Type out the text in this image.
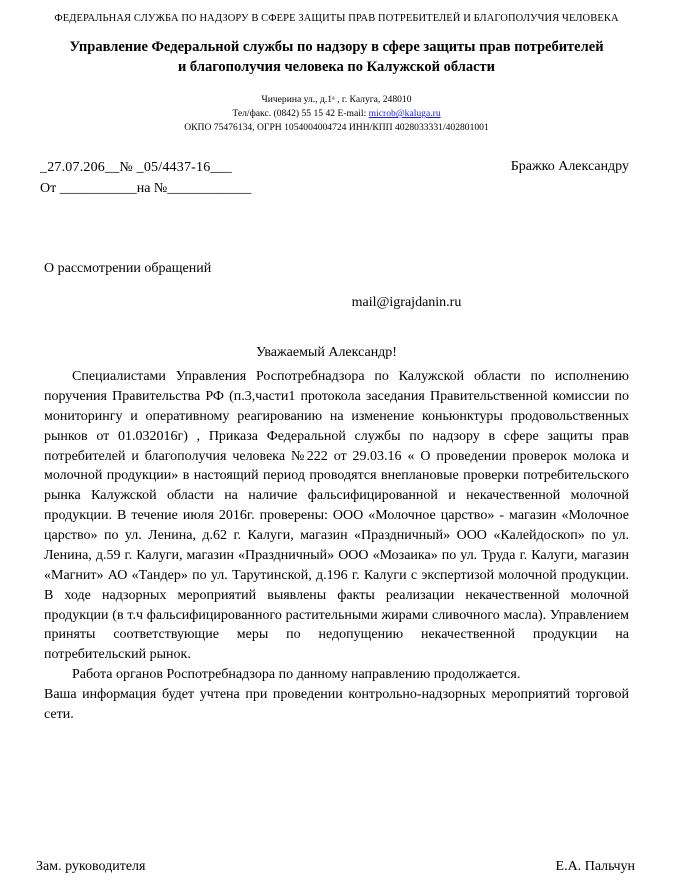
ФЕДЕРАЛЬНАЯ СЛУЖБА ПО НАДЗОРУ В СФЕРЕ ЗАЩИТЫ ПРАВ ПОТРЕБИТЕЛЕЙ И БЛАГОПОЛУЧИЯ ЧЕЛОВЕКА
Управление Федеральной службы по надзору в сфере защиты прав потребителей и благополучия человека по Калужской области
Чичерина ул., д.1ᵃ , г. Калуга, 248010
Тел/факс. (0842) 55 15 42 E-mail: microb@kaluga.ru
ОКПО 75476134, ОГРН 1054004004724 ИНН/КПП 4028033331/402801001
_27.07.206__№ _05/4437-16___
От ___________на №____________
Бражко Александру
О рассмотрении обращений
mail@igrajdanin.ru
Уважаемый Александр!

Специалистами Управления Роспотребнадзора по Калужской области по исполнению поручения Правительства РФ (п.3,части1 протокола заседания Правительственной комиссии по мониторингу и оперативному реагированию на изменение коньюнктуры продовольственных рынков от 01.032016г) , Приказа Федеральной службы по надзору в сфере защиты прав потребителей и благополучия человека №222 от 29.03.16 « О проведении проверок молока и молочной продукции» в настоящий период проводятся внеплановые проверки потребительского рынка Калужской области на наличие фальсифицированной и некачественной молочной продукции. В течение июля 2016г. проверены: ООО «Молочное царство» - магазин «Молочное царство» по ул. Ленина, д.62 г. Калуги, магазин «Праздничный» ООО «Калейдоскоп» по ул. Ленина, д.59 г. Калуги, магазин «Праздничный» ООО «Мозаика» по ул. Труда г. Калуги, магазин «Магнит» АО «Тандер» по ул. Тарутинской, д.196 г. Калуги с экспертизой молочной продукции. В ходе надзорных мероприятий выявлены факты реализации некачественной молочной продукции (в т.ч фальсифицированного растительными жирами сливочного масла). Управлением приняты соответствующие меры по недопущению некачественной продукции на потребительский рынок.

Работа органов Роспотребнадзора по данному направлению продолжается.

Ваша информация будет учтена при проведении контрольно-надзорных мероприятий торговой сети.

Зам. руководителя	Е.А. Пальчун
